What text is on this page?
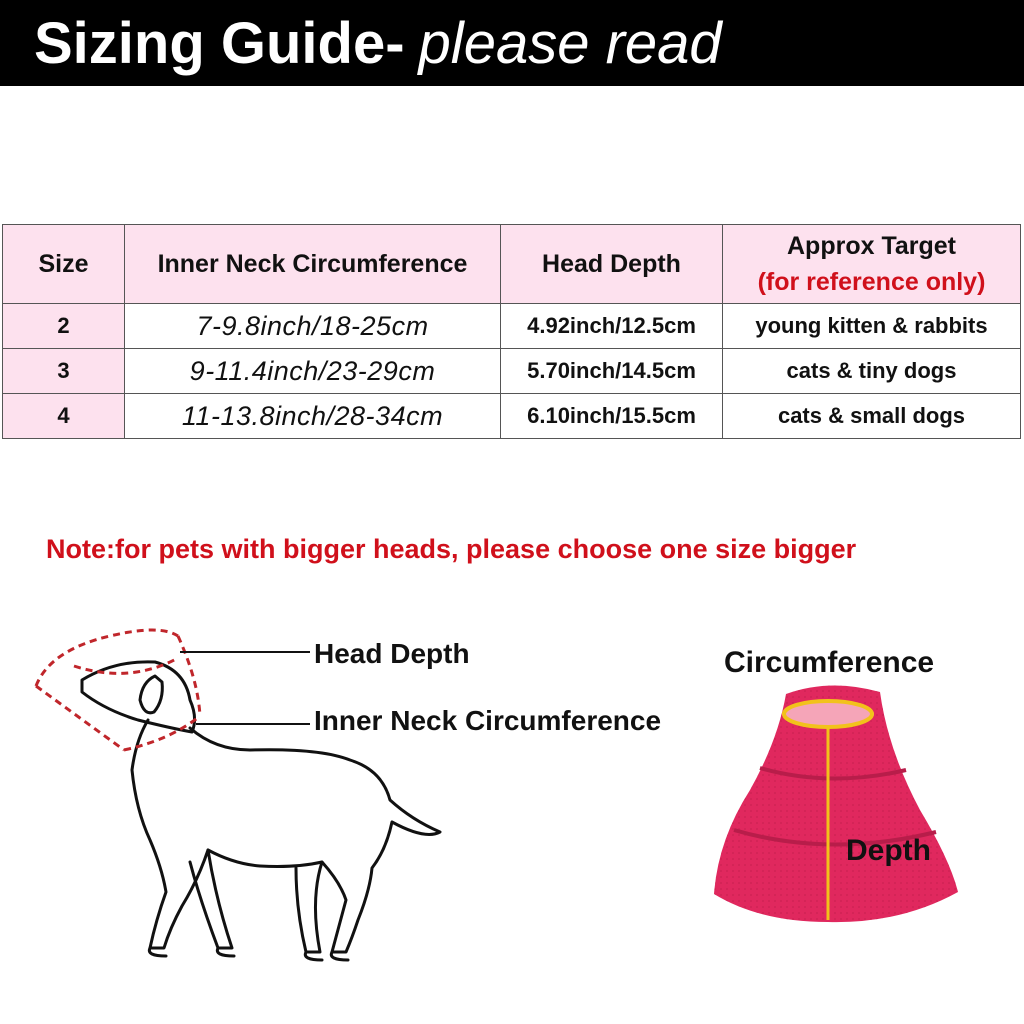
Sizing Guide- please read
Size	Inner Neck Circumference	Head Depth	Approx Target
(for reference only)

2	7-9.8inch/18-25cm	4.92inch/12.5cm	young kitten & rabbits
3	9-11.4inch/23-29cm	5.70inch/14.5cm	cats & tiny dogs
4	11-13.8inch/28-34cm	6.10inch/15.5cm	cats & small dogs
Note:for pets with bigger heads, please choose one size bigger
Head Depth
Inner Neck Circumference
Circumference
Depth
